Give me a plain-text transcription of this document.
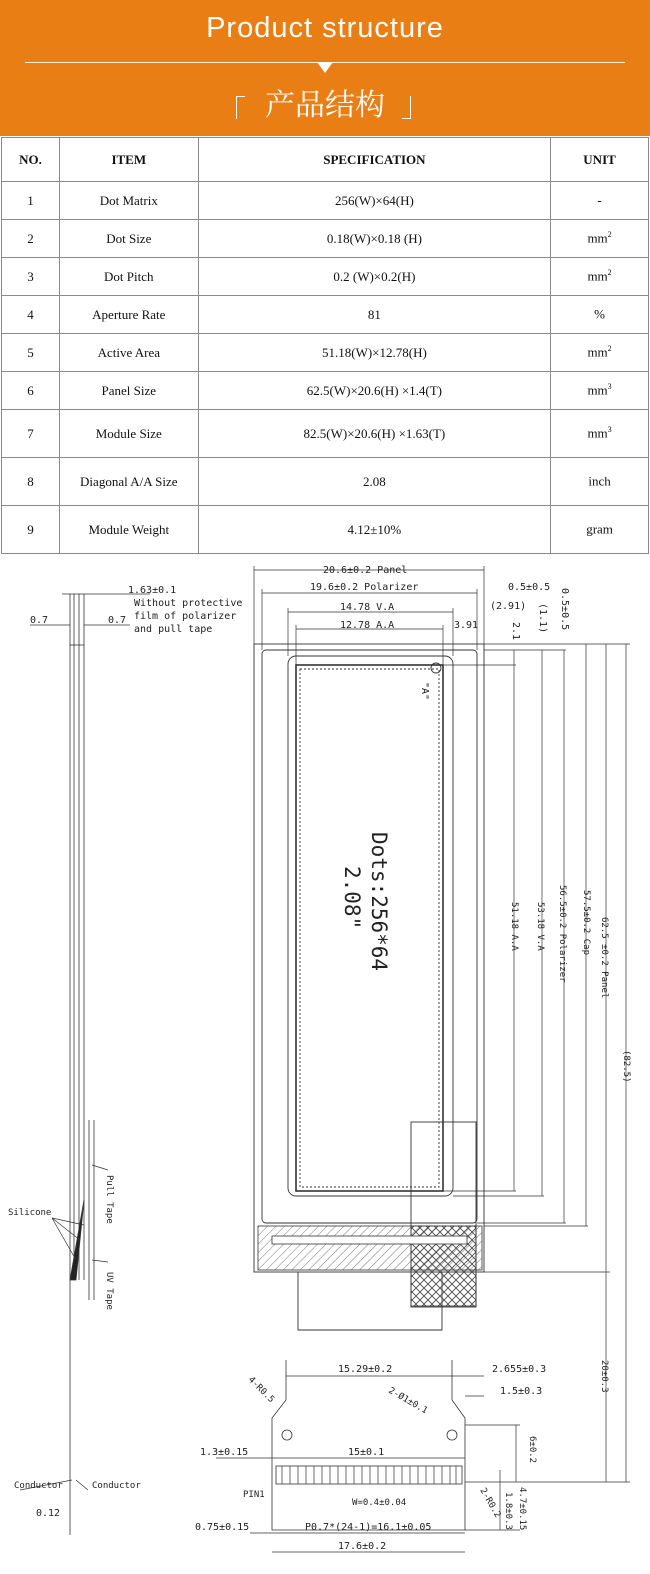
Product structure
产品结构
NO.	ITEM	SPECIFICATION	UNIT
1	Dot Matrix	256(W)×64(H)	-
2	Dot Size	0.18(W)×0.18 (H)	$mm^2$
3	Dot Pitch	0.2 (W)×0.2(H)	$mm^2$
4	Aperture Rate	81	%
5	Active Area	51.18(W)×12.78(H)	$mm^2$
6	Panel Size	62.5(W)×20.6(H) ×1.4(T)	$mm^3$
7	Module Size	82.5(W)×20.6(H) ×1.63(T)	$mm^3$
8	Diagonal A/A Size	2.08	inch
9	Module Weight	4.12±10%	gram
1.63±0.1
Without protective
film of polarizer
and pull tape
0.7	0.7
Silicone	Pull Tape
UV Tape
Conductor	Conductor
0.12
20.6±0.2 Panel
19.6±0.2 Polarizer
14.78 V.A
12.78 A.A
0.5±0.5
0.5±0.5
(2.91) (1.1)
3.91	2.1
"A"
Dots:256*64
2.08"	51.18 A.A 53.18 V.A 56.5±0.2 Polarizer 57.5±0.2 Cap 62.5 ±0.2 Panel
(82.5)
20±0.3
15.29±0.2	2.655±0.3
4-R0.5	1.5±0.3
2-Ø1±0.1
6±0.2
1.3±0.15	15±0.1
PIN1
W=0.4±0.04	2-R0.2 1.8±0.3 4.7±0.15
0.75±0.15	P0.7*(24-1)=16.1±0.05
17.6±0.2
